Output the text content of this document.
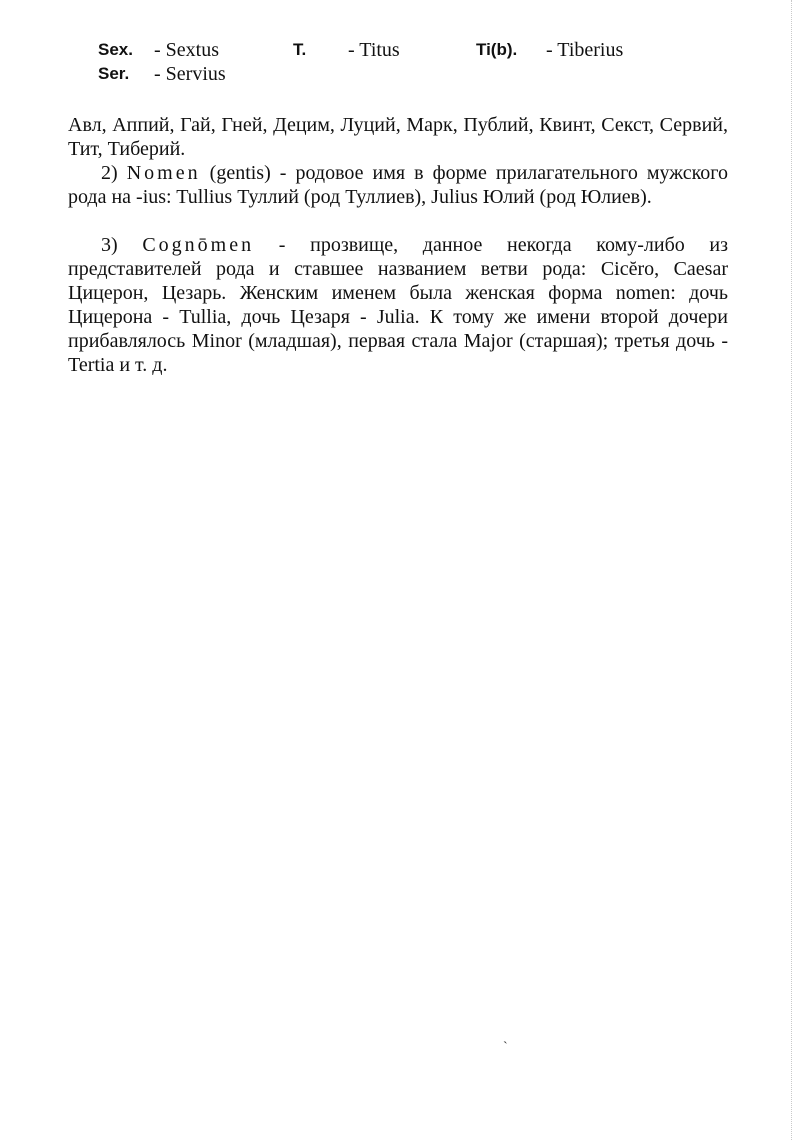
Sex. - Sextus	T. - Titus	Ti(b). - Tiberius
Ser. - Servius

Авл, Аппий, Гай, Гней, Децим, Луций, Марк, Публий, Квинт, Секст, Сервий, Тит, Тиберий.

2) Nomen (gentis) - родовое имя в форме прилагательного мужского рода на -ius: Tullius Туллий (род Туллиев), Julius Юлий (род Юлиев).

3) Cognōmen - прозвище, данное некогда кому-либо из представителей рода и ставшее названием ветви рода: Cicĕro, Caesar Цицерон, Цезарь. Женским именем была женская форма nomen: дочь Цицерона - Tullia, дочь Цезаря - Julia. К тому же имени второй дочери прибавлялось Minor (младшая), первая стала Major (старшая); третья дочь - Tertia и т. д.

`
